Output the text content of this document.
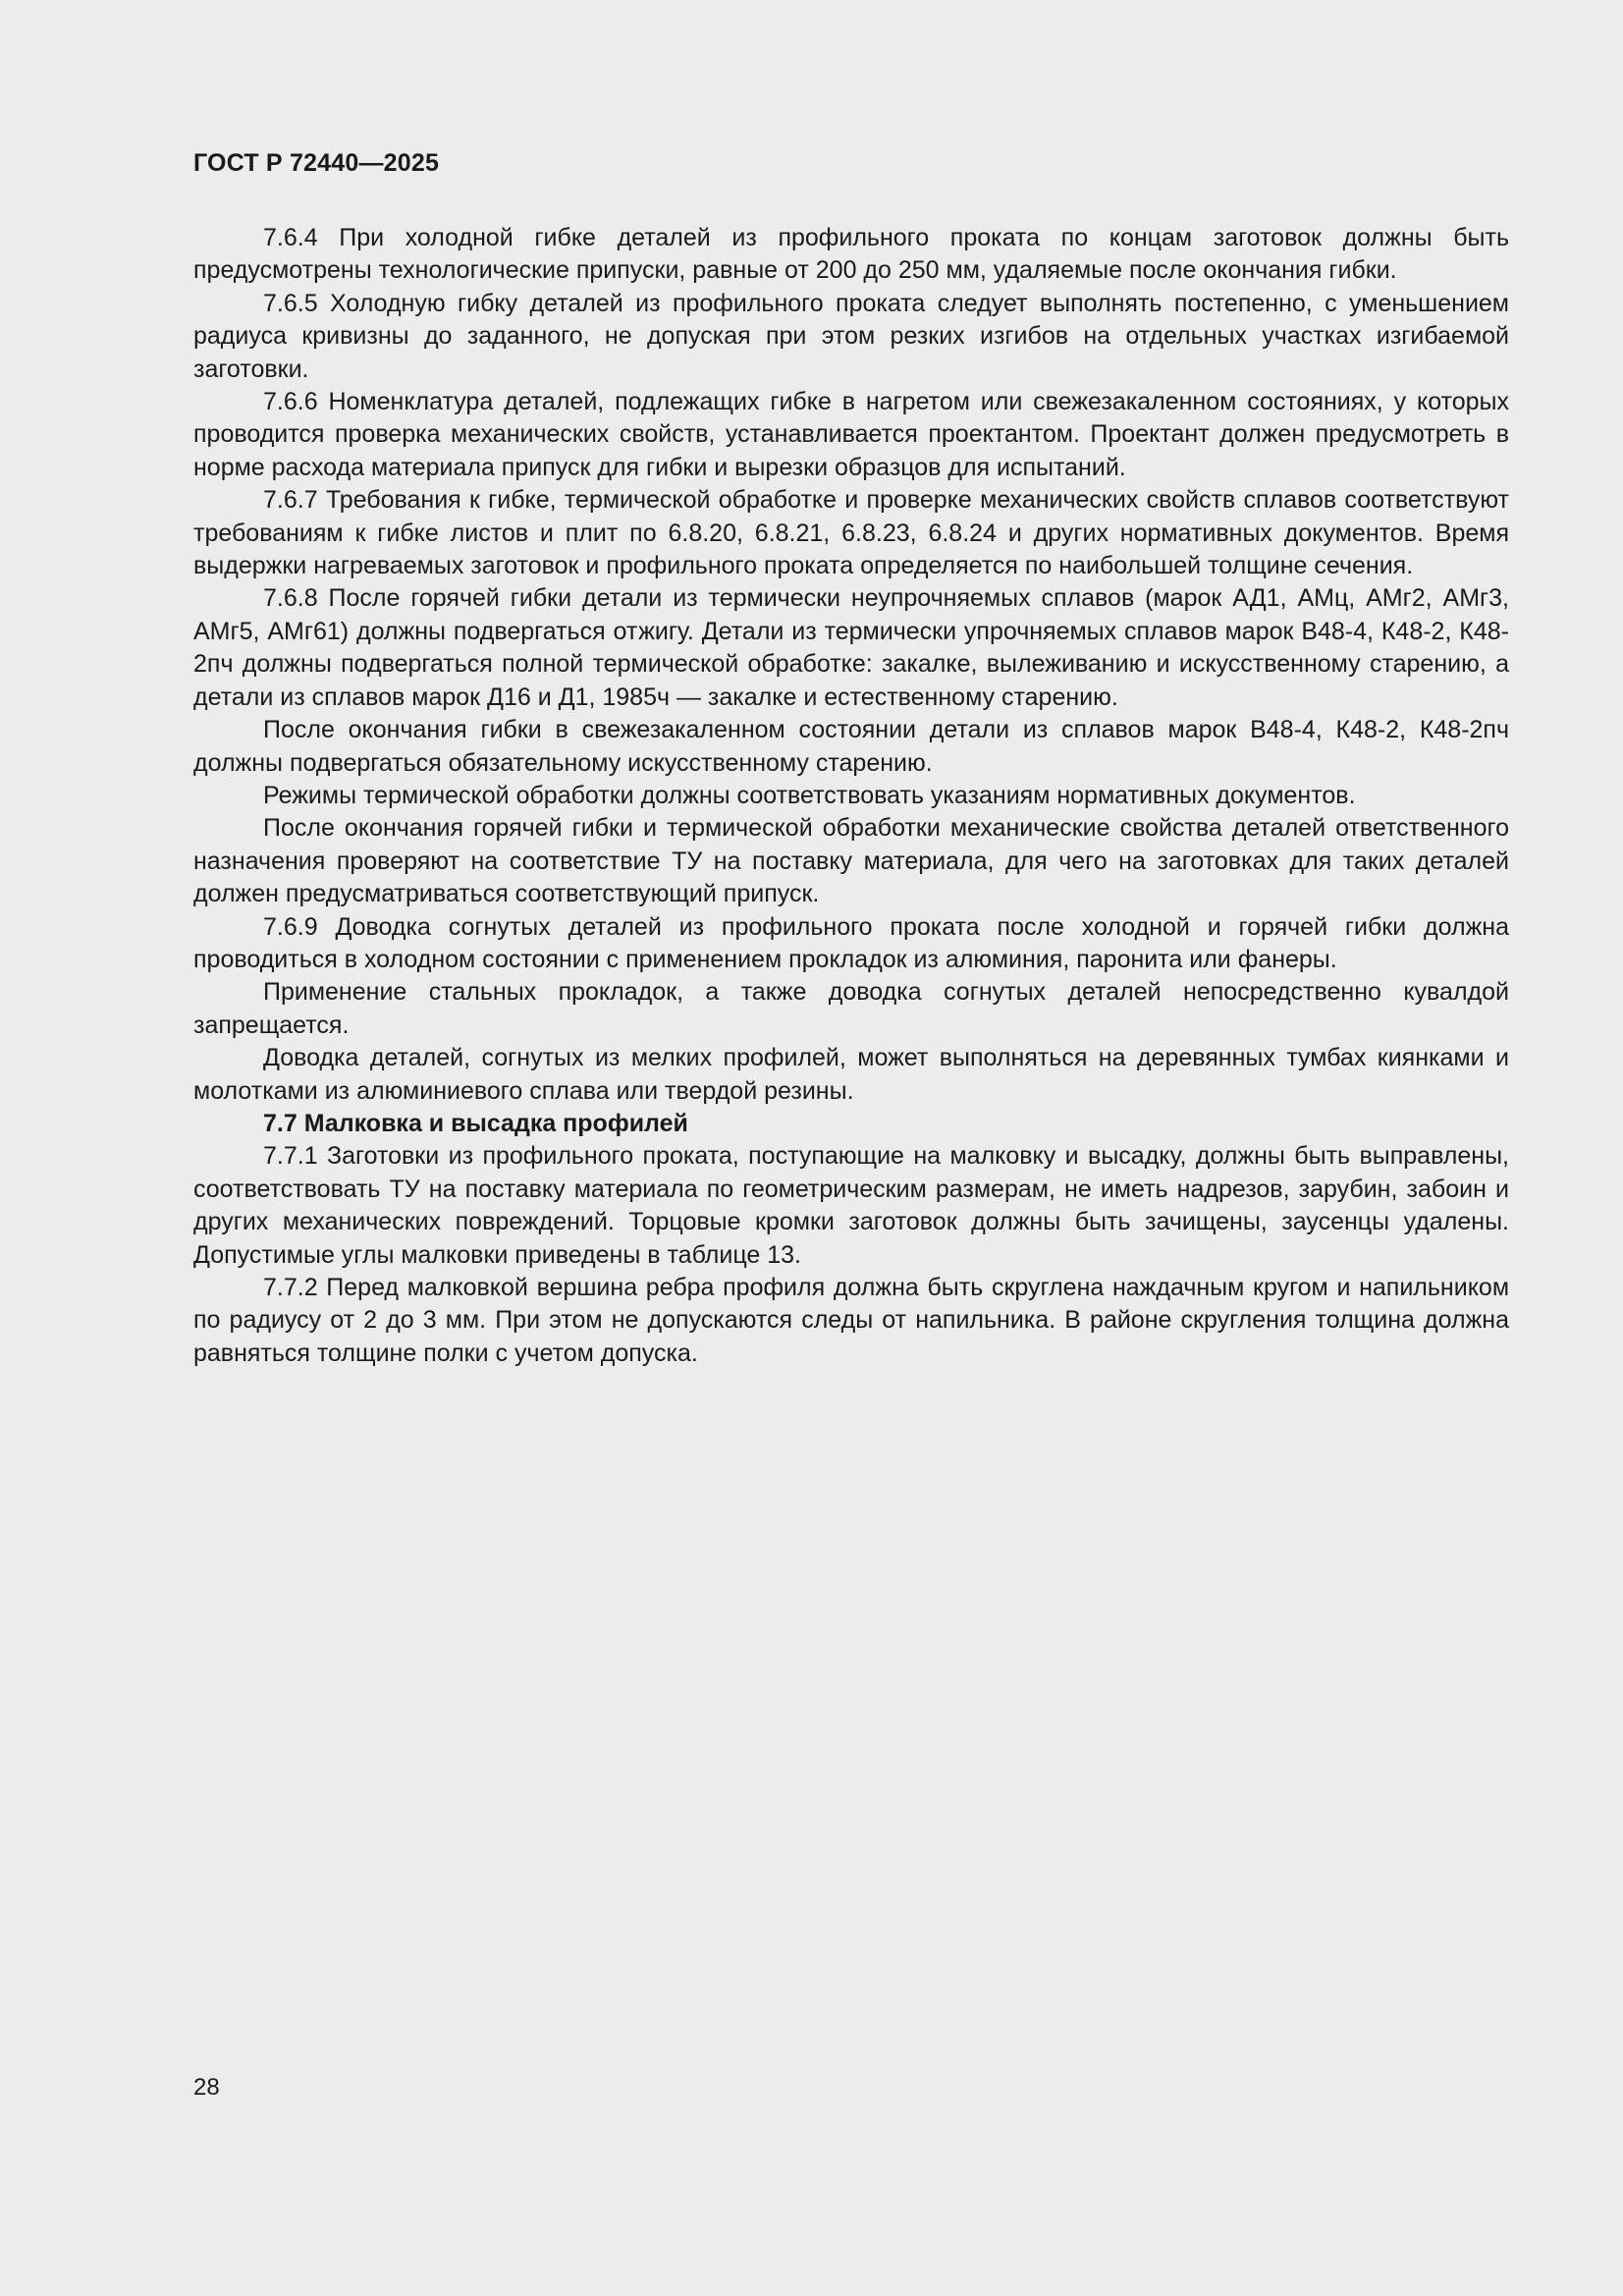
ГОСТ Р 72440—2025

7.6.4 При холодной гибке деталей из профильного проката по концам заготовок должны быть предусмотрены технологические припуски, равные от 200 до 250 мм, удаляемые после окончания гибки.

7.6.5 Холодную гибку деталей из профильного проката следует выполнять постепенно, с уменьшением радиуса кривизны до заданного, не допуская при этом резких изгибов на отдельных участках изгибаемой заготовки.

7.6.6 Номенклатура деталей, подлежащих гибке в нагретом или свежезакаленном состояниях, у которых проводится проверка механических свойств, устанавливается проектантом. Проектант должен предусмотреть в норме расхода материала припуск для гибки и вырезки образцов для испытаний.

7.6.7 Требования к гибке, термической обработке и проверке механических свойств сплавов соответствуют требованиям к гибке листов и плит по 6.8.20, 6.8.21, 6.8.23, 6.8.24 и других нормативных документов. Время выдержки нагреваемых заготовок и профильного проката определяется по наибольшей толщине сечения.

7.6.8 После горячей гибки детали из термически неупрочняемых сплавов (марок АД1, АМц, АМг2, АМг3, АМг5, АМг61) должны подвергаться отжигу. Детали из термически упрочняемых сплавов марок В48-4, К48-2, К48-2пч должны подвергаться полной термической обработке: закалке, вылеживанию и искусственному старению, а детали из сплавов марок Д16 и Д1, 1985ч — закалке и естественному старению.

После окончания гибки в свежезакаленном состоянии детали из сплавов марок В48-4, К48-2, К48-2пч должны подвергаться обязательному искусственному старению.

Режимы термической обработки должны соответствовать указаниям нормативных документов.

После окончания горячей гибки и термической обработки механические свойства деталей ответственного назначения проверяют на соответствие ТУ на поставку материала, для чего на заготовках для таких деталей должен предусматриваться соответствующий припуск.

7.6.9 Доводка согнутых деталей из профильного проката после холодной и горячей гибки должна проводиться в холодном состоянии с применением прокладок из алюминия, паронита или фанеры.

Применение стальных прокладок, а также доводка согнутых деталей непосредственно кувалдой запрещается.

Доводка деталей, согнутых из мелких профилей, может выполняться на деревянных тумбах киянками и молотками из алюминиевого сплава или твердой резины.

7.7 Малковка и высадка профилей

7.7.1 Заготовки из профильного проката, поступающие на малковку и высадку, должны быть выправлены, соответствовать ТУ на поставку материала по геометрическим размерам, не иметь надрезов, зарубин, забоин и других механических повреждений. Торцовые кромки заготовок должны быть зачищены, заусенцы удалены. Допустимые углы малковки приведены в таблице 13.

7.7.2 Перед малковкой вершина ребра профиля должна быть скруглена наждачным кругом и напильником по радиусу от 2 до 3 мм. При этом не допускаются следы от напильника. В районе скругления толщина должна равняться толщине полки с учетом допуска.

28
